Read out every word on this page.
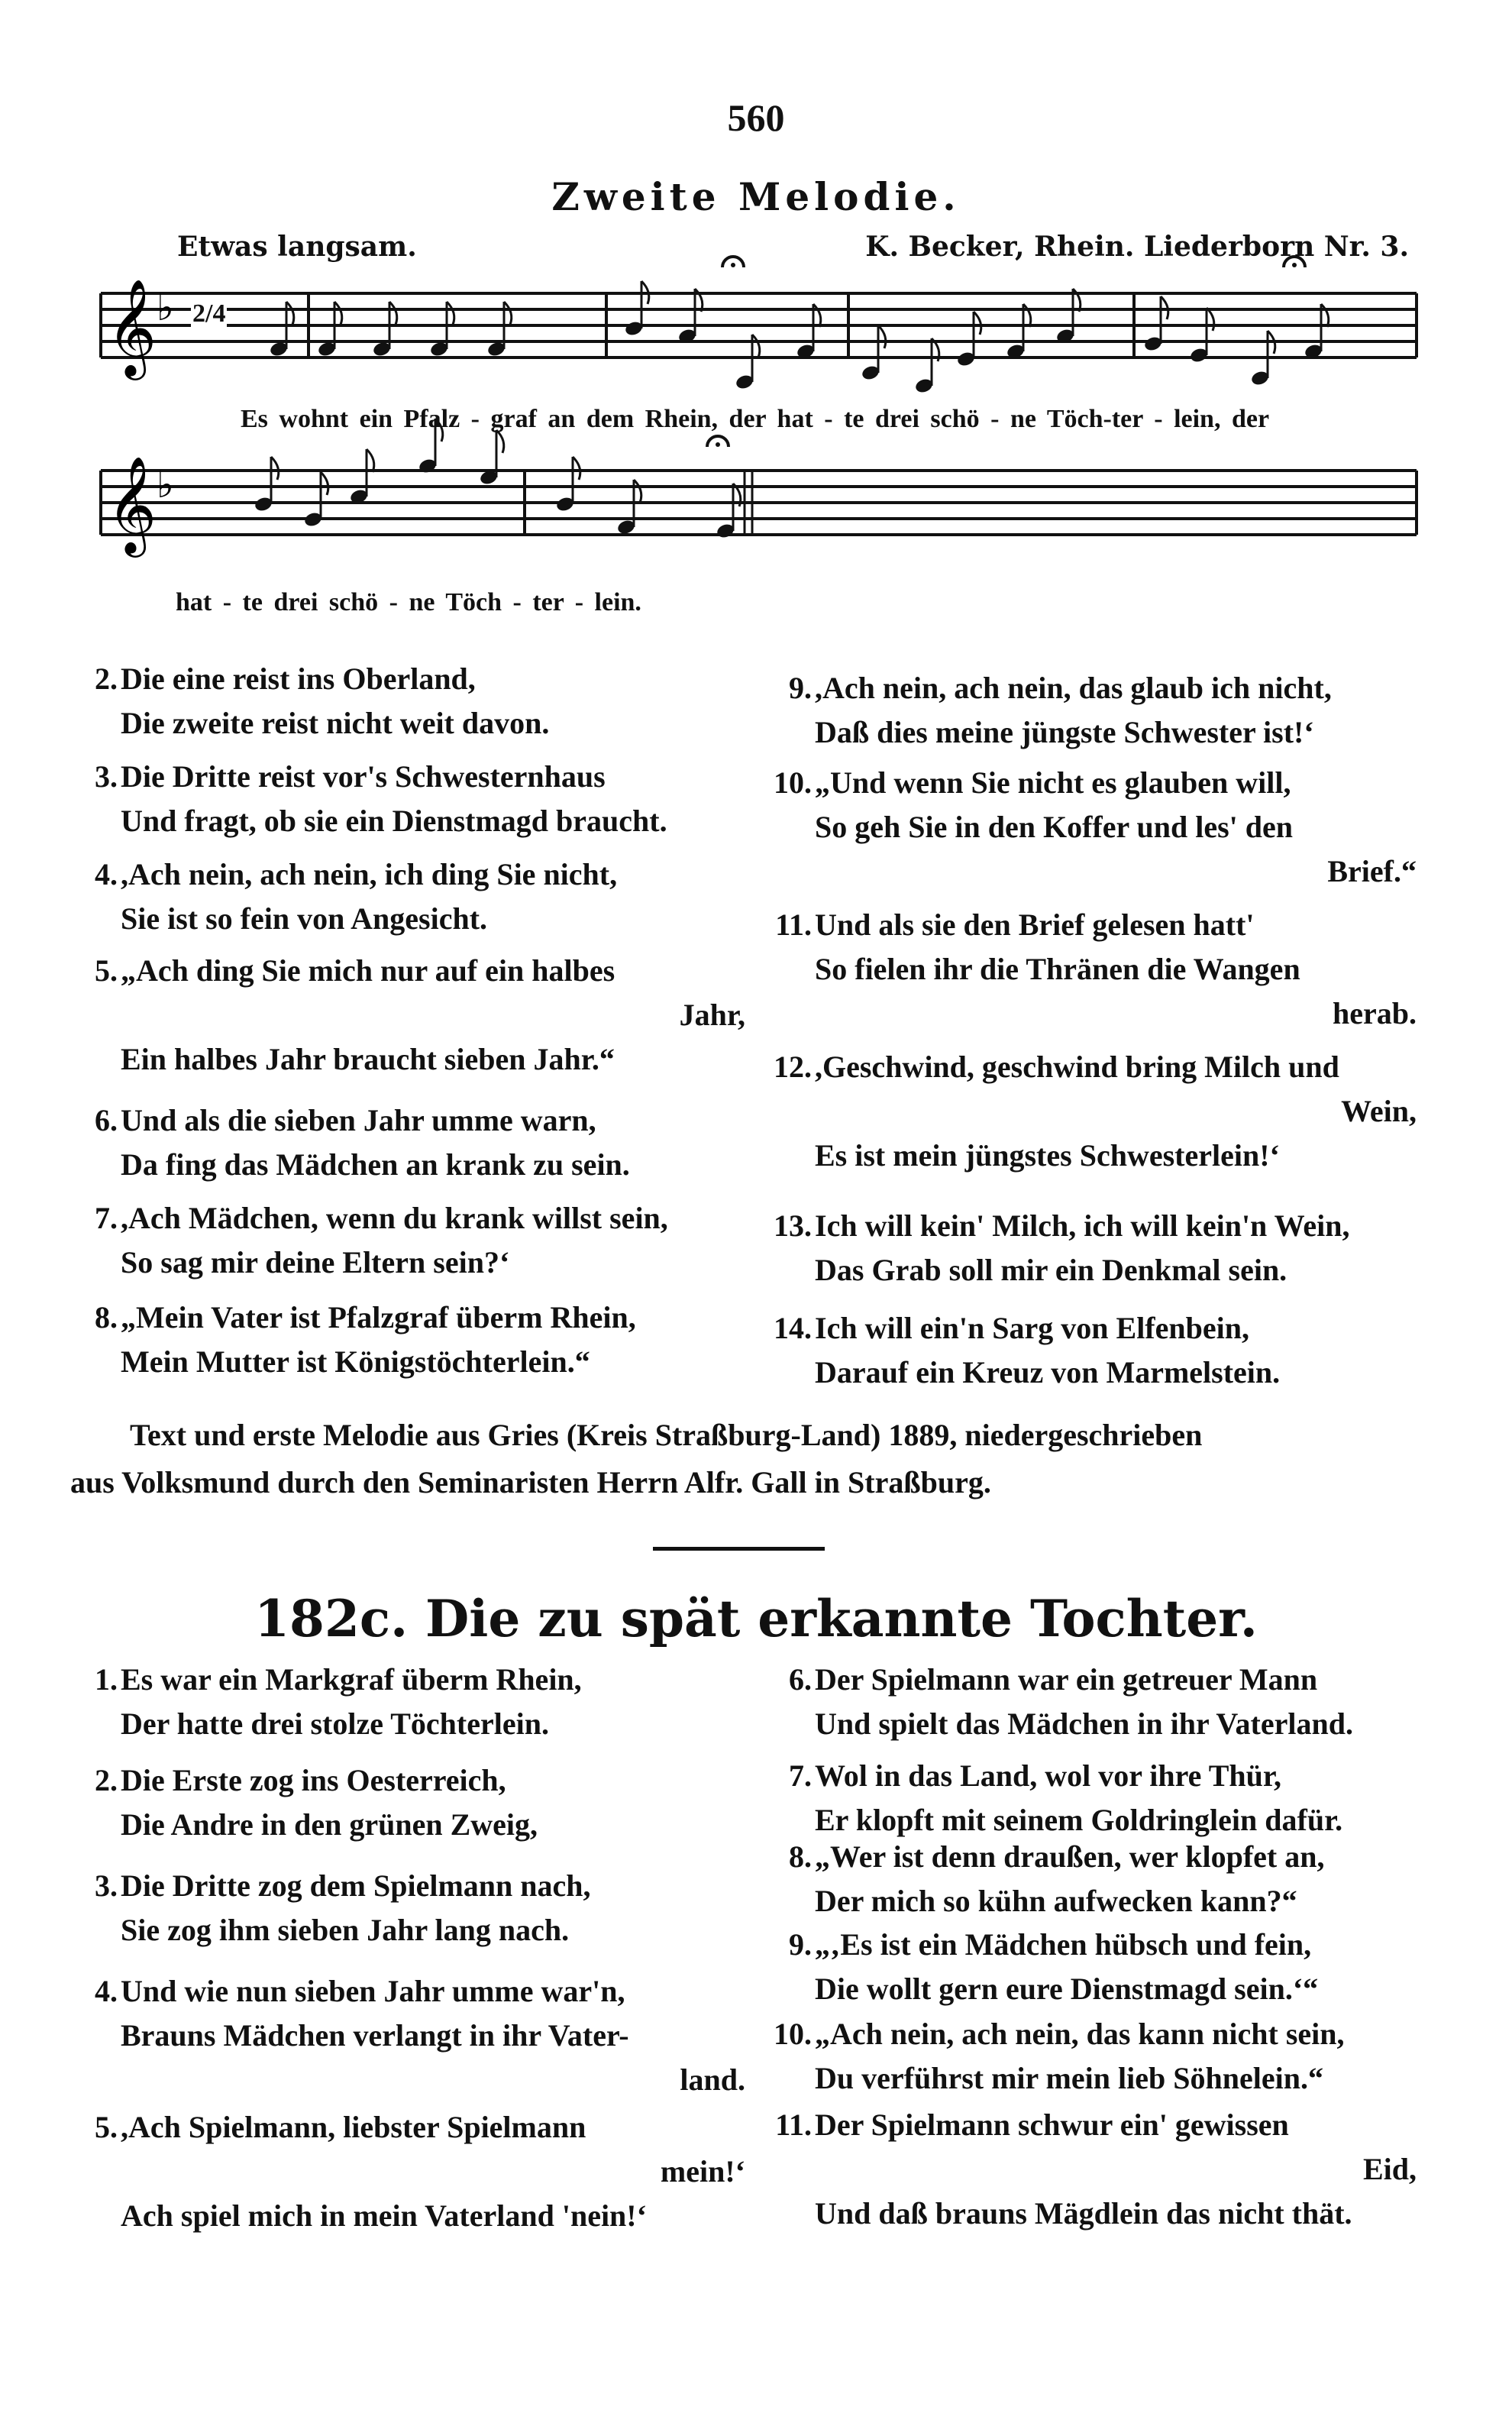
560
Zweite Melodie.
Etwas langsam.	K. Becker, Rhein. Liederborn Nr. 3.
𝄞 ♭
𝄞 ♭
2/4
Es wohnt ein Pfalz - graf an dem Rhein, der hat - te drei schö - ne Töch-ter - lein, der
hat - te drei schö - ne Töch - ter - lein.
2. Die eine reist ins Oberland,
Die zweite reist nicht weit davon.
3. Die Dritte reist vor's Schwesternhaus
Und fragt, ob sie ein Dienstmagd braucht.
4. ,Ach nein, ach nein, ich ding Sie nicht,
Sie ist so fein von Angesicht.
5. „Ach ding Sie mich nur auf ein halbes
Jahr,
Ein halbes Jahr braucht sieben Jahr.“
6. Und als die sieben Jahr umme warn,
Da fing das Mädchen an krank zu sein.
7. ,Ach Mädchen, wenn du krank willst sein,
So sag mir deine Eltern sein?‘
8. „Mein Vater ist Pfalzgraf überm Rhein,
Mein Mutter ist Königstöchterlein.“
9. ,Ach nein, ach nein, das glaub ich nicht,
Daß dies meine jüngste Schwester ist!‘
10. „Und wenn Sie nicht es glauben will,
So geh Sie in den Koffer und les' den
Brief.“
11. Und als sie den Brief gelesen hatt'
So fielen ihr die Thränen die Wangen
herab.
12. ,Geschwind, geschwind bring Milch und
Wein,
Es ist mein jüngstes Schwesterlein!‘
13. Ich will kein' Milch, ich will kein'n Wein,
Das Grab soll mir ein Denkmal sein.
14. Ich will ein'n Sarg von Elfenbein,
Darauf ein Kreuz von Marmelstein.
Text und erste Melodie aus Gries (Kreis Straßburg-Land) 1889, niedergeschrieben
aus Volksmund durch den Seminaristen Herrn Alfr. Gall in Straßburg.
182c. Die zu spät erkannte Tochter.
1. Es war ein Markgraf überm Rhein,
Der hatte drei stolze Töchterlein.
2. Die Erste zog ins Oesterreich,
Die Andre in den grünen Zweig,
3. Die Dritte zog dem Spielmann nach,
Sie zog ihm sieben Jahr lang nach.
4. Und wie nun sieben Jahr umme war'n,
Brauns Mädchen verlangt in ihr Vater-
land.
5. ,Ach Spielmann, liebster Spielmann
mein!‘
Ach spiel mich in mein Vaterland 'nein!‘
6. Der Spielmann war ein getreuer Mann
Und spielt das Mädchen in ihr Vaterland.
7. Wol in das Land, wol vor ihre Thür,
Er klopft mit seinem Goldringlein dafür.
8. „Wer ist denn draußen, wer klopfet an,
Der mich so kühn aufwecken kann?“
9. „‚Es ist ein Mädchen hübsch und fein,
Die wollt gern eure Dienstmagd sein.‘“
10. „Ach nein, ach nein, das kann nicht sein,
Du verführst mir mein lieb Söhnelein.“
11. Der Spielmann schwur ein' gewissen
Eid,
Und daß brauns Mägdlein das nicht thät.
